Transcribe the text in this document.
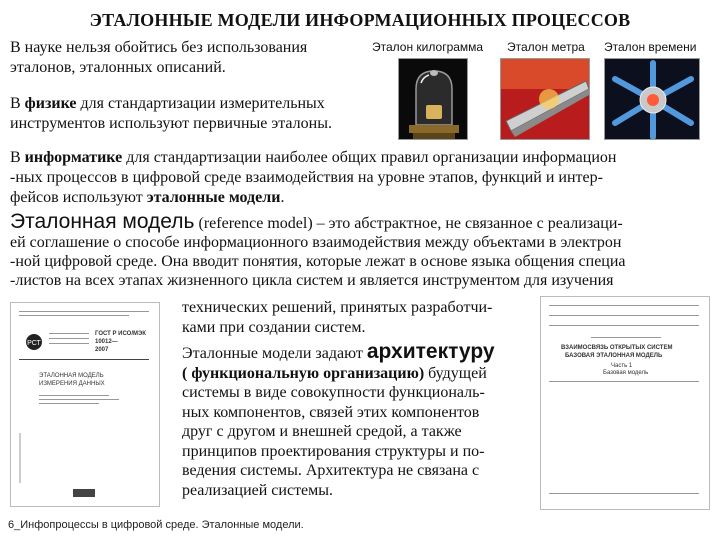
ЭТАЛОННЫЕ МОДЕЛИ ИНФОРМАЦИОННЫХ ПРОЦЕССОВ
В науке нельзя обойтись без использования
эталонов, эталонных описаний.
Эталон килограмма Эталон метра Эталон времени
В физике для стандартизации измерительных
инструментов используют первичные эталоны.
В информатике для стандартизации наиболее общих правил организации информацион
-ных процессов в цифровой среде взаимодействия на уровне этапов, функций и интер-
фейсов используют эталонные модели.
Эталонная модель (reference model) – это абстрактное, не связанное с реализаци-
ей соглашение о способе информационного взаимодействия между объектами в электрон
-ной цифровой среде. Она вводит понятия, которые лежат в основе языка общения специа
-листов на всех этапах жизненного цикла систем и является инструментом для изучения
технических решений, принятых разработчи-
ками при создании систем.
Эталонные модели задают архитектуру
( функциональную организацию) будущей
системы в виде совокупности функциональ-
ных компонентов, связей этих компонентов
друг с другом и внешней средой, а также
принципов проектирования структуры и по-
ведения системы. Архитектура не связана с
реализацией системы.
РСТ
ГОСТ Р ИСО/МЭК
10012—
2007
ЭТАЛОННАЯ МОДЕЛЬ
ИЗМЕРЕНИЯ ДАННЫХ
ВЗАИМОСВЯЗЬ ОТКРЫТЫХ СИСТЕМ
БАЗОВАЯ ЭТАЛОННАЯ МОДЕЛЬ
Часть 1
Базовая модель
6_Инфопроцессы в цифровой среде. Эталонные модели.
